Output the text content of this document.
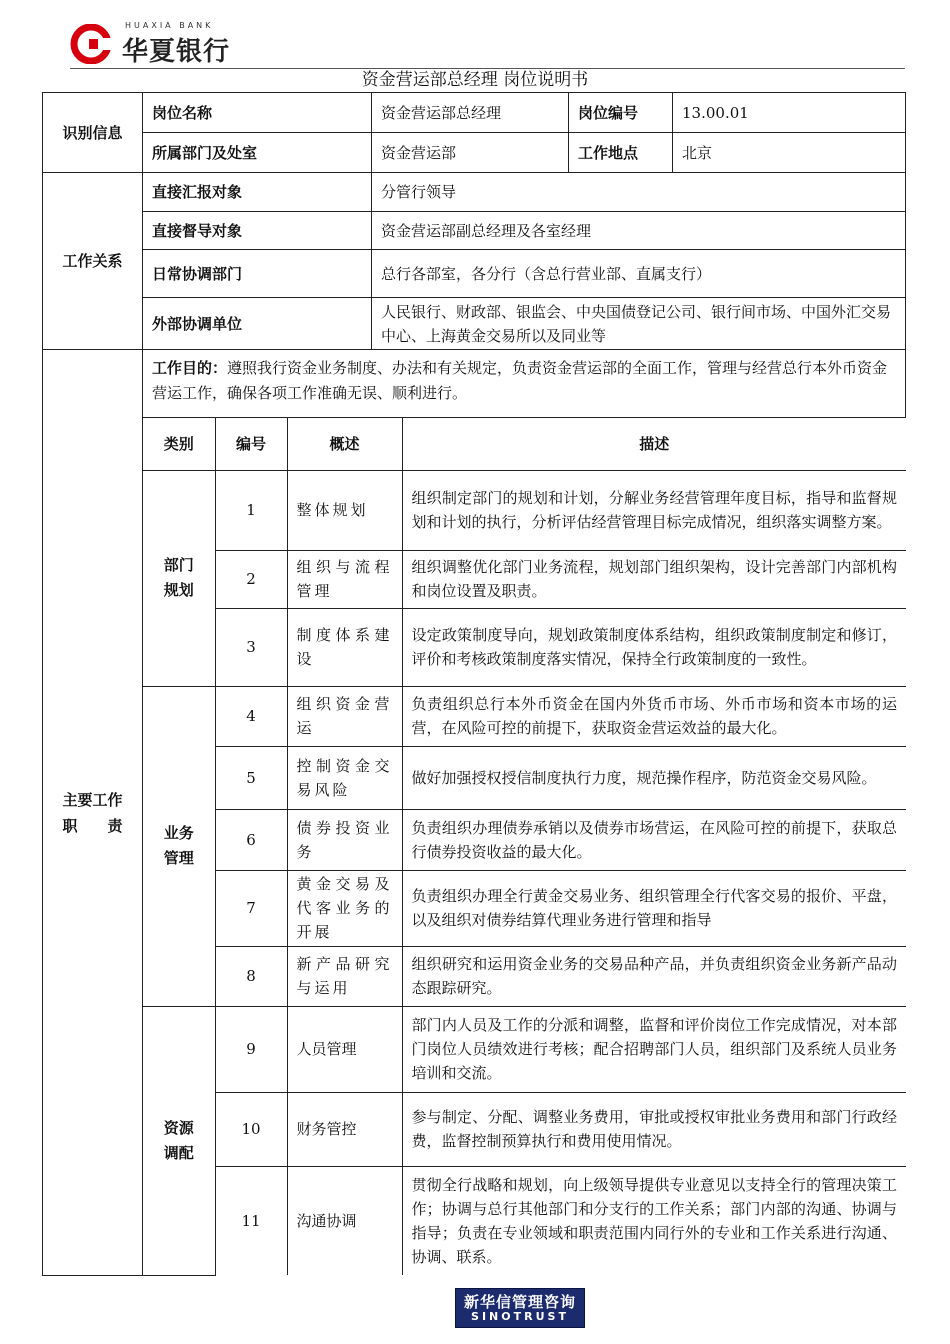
HUAXIA BANK
华夏银行
资金营运部总经理 岗位说明书
识别信息	岗位名称	资金营运部总经理	岗位编号	13.00.01
所属部门及处室	资金营运部	工作地点	北京
工作关系	直接汇报对象	分管行领导
直接督导对象	资金营运部副总经理及各室经理
日常协调部门	总行各部室，各分行（含总行营业部、直属支行）
外部协调单位	人民银行、财政部、银监会、中央国债登记公司、银行间市场、中国外汇交易中心、上海黄金交易所以及同业等
主要工作职　　责	工作目的：遵照我行资金业务制度、办法和有关规定，负责资金营运部的全面工作，管理与经营总行本外币资金营运工作，确保各项工作准确无误、顺利进行。

类别	编号	概述	描述
部门规划	1	整体规划	组织制定部门的规划和计划，分解业务经营管理年度目标，指导和监督规划和计划的执行，分析评估经营管理目标完成情况，组织落实调整方案。
2	组织与流程管理	组织调整优化部门业务流程，规划部门组织架构，设计完善部门内部机构和岗位设置及职责。
3	制度体系建设	设定政策制度导向，规划政策制度体系结构，组织政策制度制定和修订，评价和考核政策制度落实情况，保持全行政策制度的一致性。
业务管理	4	组织资金营运	负责组织总行本外币资金在国内外货币市场、外币市场和资本市场的运营，在风险可控的前提下，获取资金营运效益的最大化。
5	控制资金交易风险	做好加强授权授信制度执行力度，规范操作程序，防范资金交易风险。
6	债券投资业务	负责组织办理债券承销以及债券市场营运，在风险可控的前提下，获取总行债券投资收益的最大化。
7	黄金交易及代客业务的开展	负责组织办理全行黄金交易业务、组织管理全行代客交易的报价、平盘，以及组织对债券结算代理业务进行管理和指导
8	新产品研究与运用	组织研究和运用资金业务的交易品种产品，并负责组织资金业务新产品动态跟踪研究。
资源调配	9	人员管理	部门内人员及工作的分派和调整，监督和评价岗位工作完成情况，对本部门岗位人员绩效进行考核；配合招聘部门人员，组织部门及系统人员业务培训和交流。
10	财务管控	参与制定、分配、调整业务费用，审批或授权审批业务费用和部门行政经费，监督控制预算执行和费用使用情况。
11	沟通协调	贯彻全行战略和规划，向上级领导提供专业意见以支持全行的管理决策工作；协调与总行其他部门和分支行的工作关系；部门内部的沟通、协调与指导；负责在专业领域和职责范围内同行外的专业和工作关系进行沟通、协调、联系。
新华信管理咨询
SINOTRUST
